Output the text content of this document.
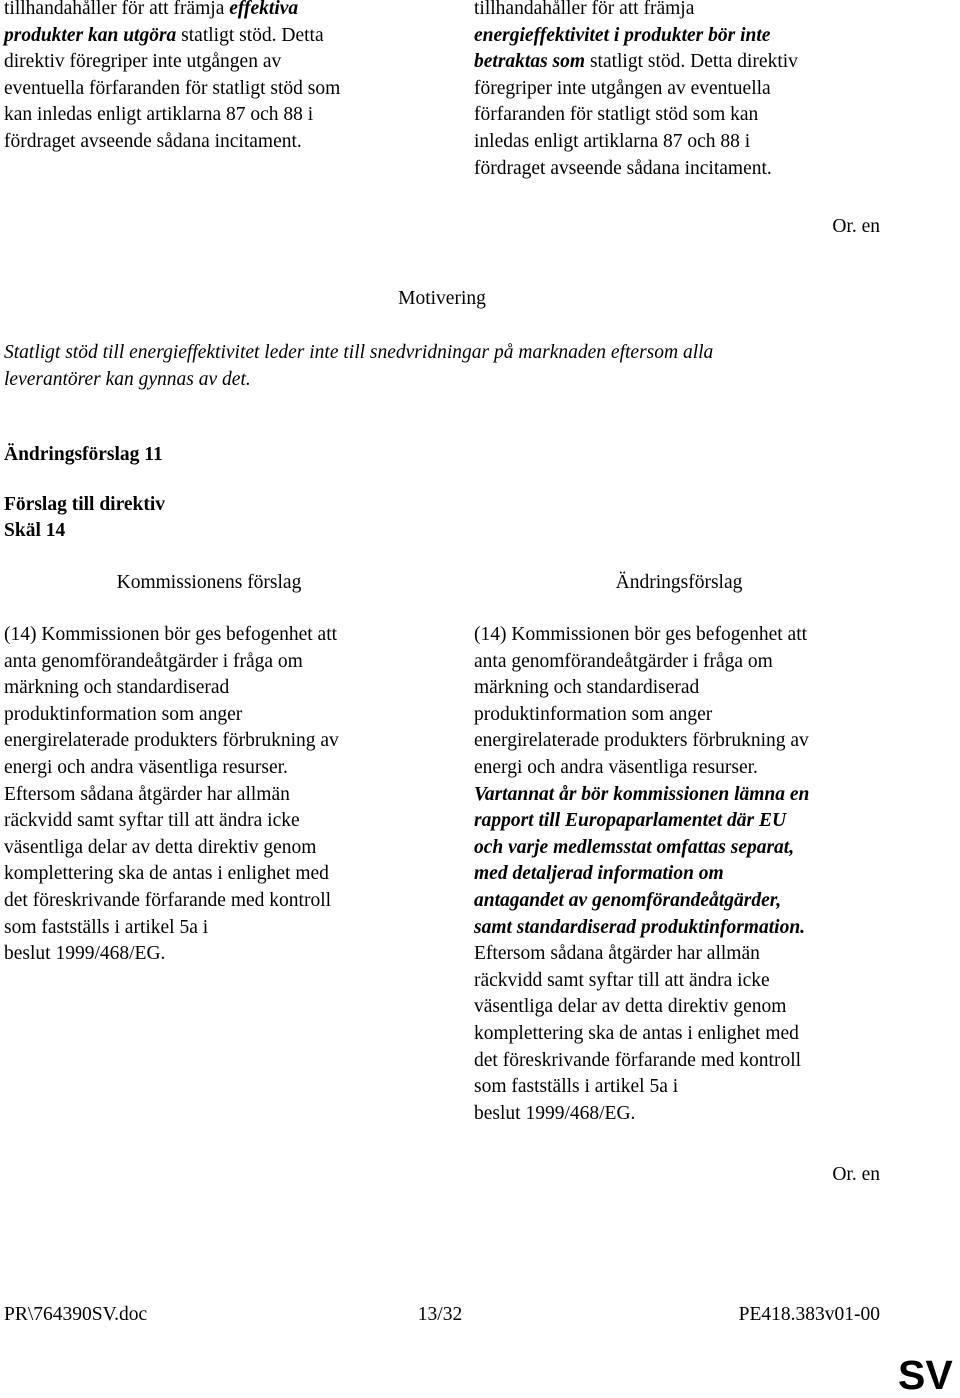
tillhandahåller för att främja effektiva
produkter kan utgöra statligt stöd. Detta
direktiv föregriper inte utgången av
eventuella förfaranden för statligt stöd som
kan inledas enligt artiklarna 87 och 88 i
fördraget avseende sådana incitament.
tillhandahåller för att främja
energieffektivitet i produkter bör inte
betraktas som statligt stöd. Detta direktiv
föregriper inte utgången av eventuella
förfaranden för statligt stöd som kan
inledas enligt artiklarna 87 och 88 i
fördraget avseende sådana incitament.
Or. en
Motivering
Statligt stöd till energieffektivitet leder inte till snedvridningar på marknaden eftersom alla
leverantörer kan gynnas av det.
Ändringsförslag 11
Förslag till direktiv
Skäl 14
Kommissionens förslag	Ändringsförslag
(14) Kommissionen bör ges befogenhet att
anta genomförandeåtgärder i fråga om
märkning och standardiserad
produktinformation som anger
energirelaterade produkters förbrukning av
energi och andra väsentliga resurser.
Eftersom sådana åtgärder har allmän
räckvidd samt syftar till att ändra icke
väsentliga delar av detta direktiv genom
komplettering ska de antas i enlighet med
det föreskrivande förfarande med kontroll
som fastställs i artikel 5a i
beslut 1999/468/EG.
(14) Kommissionen bör ges befogenhet att
anta genomförandeåtgärder i fråga om
märkning och standardiserad
produktinformation som anger
energirelaterade produkters förbrukning av
energi och andra väsentliga resurser.
Vartannat år bör kommissionen lämna en
rapport till Europaparlamentet där EU
och varje medlemsstat omfattas separat,
med detaljerad information om
antagandet av genomförandeåtgärder,
samt standardiserad produktinformation.
Eftersom sådana åtgärder har allmän
räckvidd samt syftar till att ändra icke
väsentliga delar av detta direktiv genom
komplettering ska de antas i enlighet med
det föreskrivande förfarande med kontroll
som fastställs i artikel 5a i
beslut 1999/468/EG.
Or. en
PR\764390SV.doc	13/32	PE418.383v01-00
SV
